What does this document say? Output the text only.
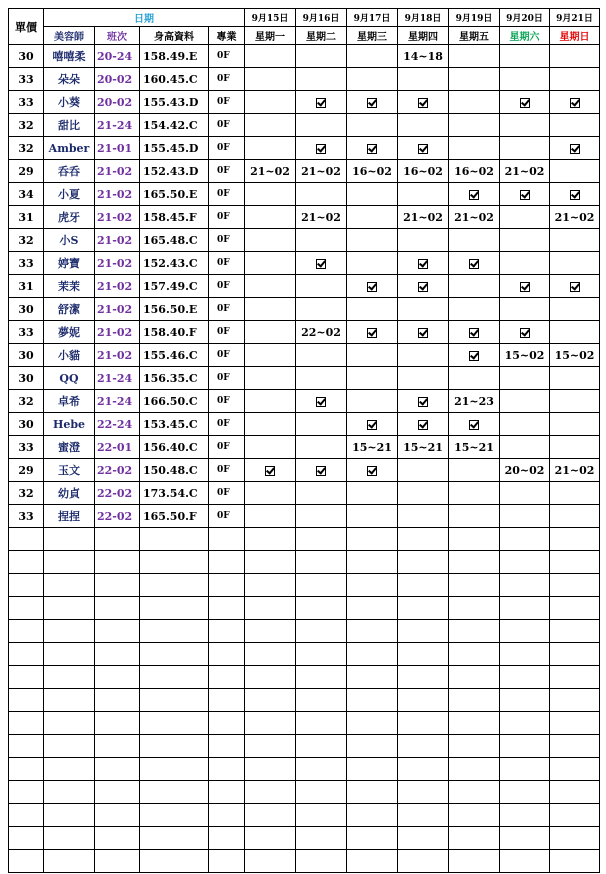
單價	日期				9月15日	9月16日	9月17日	9月18日	9月19日	9月20日	9月21日
	美容師	班次	身高資料	專業	星期一	星期二	星期三	星期四	星期五	星期六	星期日
30	嘻嘻柔	20-24	158.49.E	0F				14~18			
33	朵朵	20-02	160.45.C	0F							
33	小葵	20-02	155.43.D	0F							
32	甜比	21-24	154.42.C	0F							
32	Amber	21-01	155.45.D	0F							
29	呑呑	21-02	152.43.D	0F	21~02	21~02	16~02	16~02	16~02	21~02	
34	小夏	21-02	165.50.E	0F							
31	虎牙	21-02	158.45.F	0F		21~02		21~02	21~02		21~02
32	小S	21-02	165.48.C	0F							
33	婷寶	21-02	152.43.C	0F							
31	茉茉	21-02	157.49.C	0F							
30	舒潔	21-02	156.50.E	0F							
33	夢妮	21-02	158.40.F	0F		22~02					
30	小貓	21-02	155.46.C	0F						15~02	15~02
30	QQ	21-24	156.35.C	0F							
32	卓希	21-24	166.50.C	0F					21~23		
30	Hebe	22-24	153.45.C	0F							
33	蜜澄	22-01	156.40.C	0F			15~21	15~21	15~21		
29	玉文	22-02	150.48.C	0F						20~02	21~02
32	幼貞	22-02	173.54.C	0F							
33	捏捏	22-02	165.50.F	0F							
